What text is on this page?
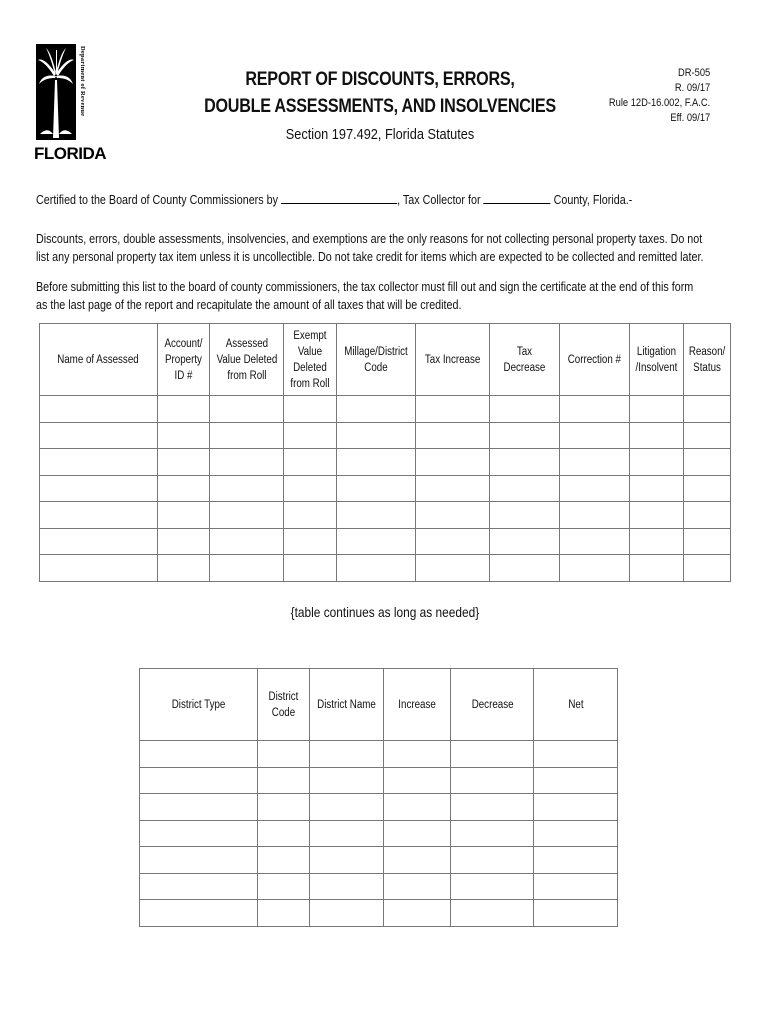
Department of Revenue
FLORIDA
REPORT OF DISCOUNTS, ERRORS,
DOUBLE ASSESSMENTS, AND INSOLVENCIES
Section 197.492, Florida Statutes
DR-505
R. 09/17
Rule 12D-16.002, F.A.C.
Eff. 09/17
Certified to the Board of County Commissioners by	, Tax Collector for	County, Florida.-
Discounts, errors, double assessments, insolvencies, and exemptions are the only reasons for not collecting personal property taxes. Do not list any personal property tax item unless it is uncollectible. Do not take credit for items which are expected to be collected and remitted later.
Before submitting this list to the board of county commissioners, the tax collector must fill out and sign the certificate at the end of this form as the last page of the report and recapitulate the amount of all taxes that will be credited.
Name of Assessed	Account/ Property ID #	Assessed Value Deleted from Roll	Exempt Value Deleted from Roll	Millage/District Code	Tax Increase	Tax Decrease	Correction #	Litigation /Insolvent	Reason/ Status

{table continues as long as needed}
District Type	District Code	District Name	Increase	Decrease	Net
